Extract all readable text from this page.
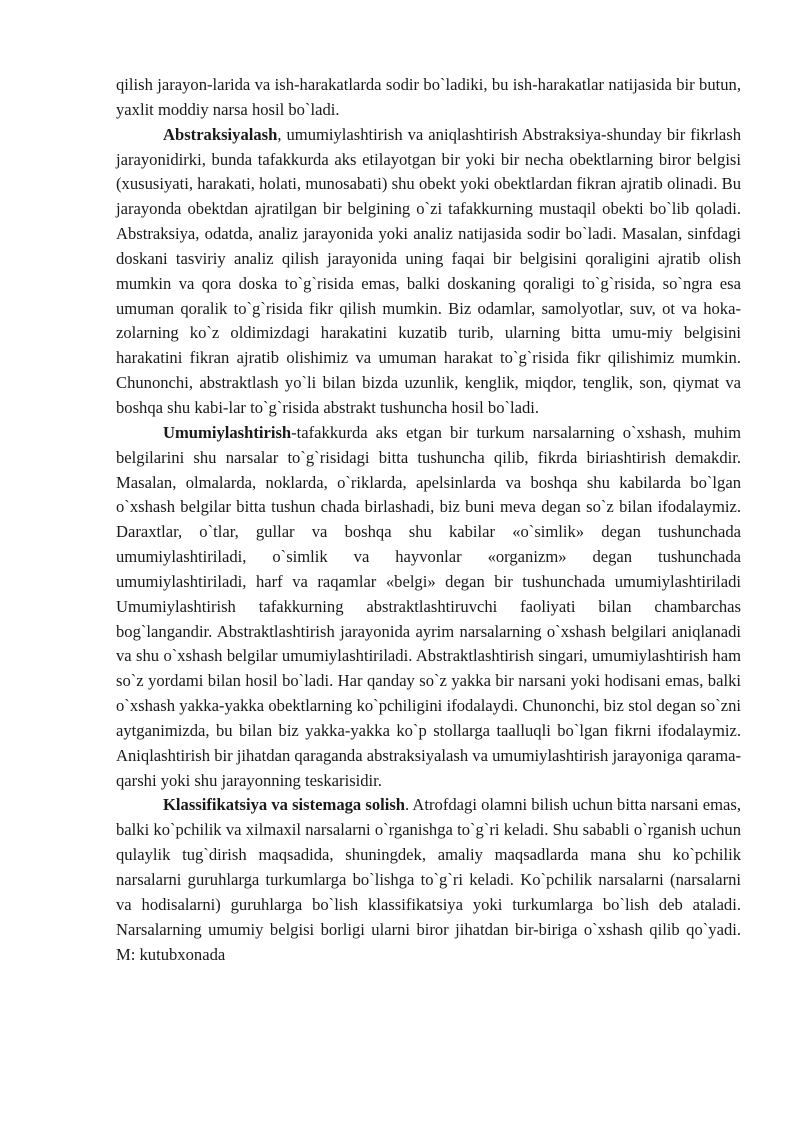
qilish jarayon-larida va ish-harakatlarda sodir bo`ladiki, bu ish-harakatlar natijasida bir butun, yaxlit moddiy narsa hosil bo`ladi.

Abstraksiyalash, umumiylashtirish va aniqlashtirish Abstraksiya-shunday bir fikrlash jarayonidirki, bunda tafakkurda aks etilayotgan bir yoki bir necha obektlarning biror belgisi (xususiyati, harakati, holati, munosabati) shu obekt yoki obektlardan fikran ajratib olinadi. Bu jarayonda obektdan ajratilgan bir belgining o`zi tafakkurning mustaqil obekti bo`lib qoladi. Abstraksiya, odatda, analiz jarayonida yoki analiz natijasida sodir bo`ladi. Masalan, sinfdagi doskani tasviriy analiz qilish jarayonida uning faqai bir belgisini qoraligini ajratib olish mumkin va qora doska to`g`risida emas, balki doskaning qoraligi to`g`risida, so`ngra esa umuman qoralik to`g`risida fikr qilish mumkin. Biz odamlar, samolyotlar, suv, ot va hoka-zolarning ko`z oldimizdagi harakatini kuzatib turib, ularning bitta umu-miy belgisini harakatini fikran ajratib olishimiz va umuman harakat to`g`risida fikr qilishimiz mumkin. Chunonchi, abstraktlash yo`li bilan bizda uzunlik, kenglik, miqdor, tenglik, son, qiymat va boshqa shu kabi-lar to`g`risida abstrakt tushuncha hosil bo`ladi.

Umumiylashtirish-tafakkurda aks etgan bir turkum narsalarning o`xshash, muhim belgilarini shu narsalar to`g`risidagi bitta tushuncha qilib, fikrda biriashtirish demakdir. Masalan, olmalarda, noklarda, o`riklarda, apelsinlarda va boshqa shu kabilarda bo`lgan o`xshash belgilar bitta tushun chada birlashadi, biz buni meva degan so`z bilan ifodalaymiz. Daraxtlar, o`tlar, gullar va boshqa shu kabilar «o`simlik» degan tushunchada umumiylashtiriladi, o`simlik va hayvonlar «organizm» degan tushunchada umumiylashtiriladi, harf va raqamlar «belgi» degan bir tushunchada umumiylashtiriladi Umumiylashtirish tafakkurning abstraktlashtiruvchi faoliyati bilan chambarchas bog`langandir. Abstraktlashtirish jarayonida ayrim narsalarning o`xshash belgilari aniqlanadi va shu o`xshash belgilar umumiylashtiriladi. Abstraktlashtirish singari, umumiylashtirish ham so`z yordami bilan hosil bo`ladi. Har qanday so`z yakka bir narsani yoki hodisani emas, balki o`xshash yakka-yakka obektlarning ko`pchiligini ifodalaydi. Chunonchi, biz stol degan so`zni aytganimizda, bu bilan biz yakka-yakka ko`p stollarga taalluqli bo`lgan fikrni ifodalaymiz. Aniqlashtirish bir jihatdan qaraganda abstraksiyalash va umumiylashtirish jarayoniga qarama-qarshi yoki shu jarayonning teskarisidir.

Klassifikatsiya va sistemaga solish. Atrofdagi olamni bilish uchun bitta narsani emas, balki ko`pchilik va xilmaxil narsalarni o`rganishga to`g`ri keladi. Shu sababli o`rganish uchun qulaylik tug`dirish maqsadida, shuningdek, amaliy maqsadlarda mana shu ko`pchilik narsalarni guruhlarga turkumlarga bo`lishga to`g`ri keladi. Ko`pchilik narsalarni (narsalarni va hodisalarni) guruhlarga bo`lish klassifikatsiya yoki turkumlarga bo`lish deb ataladi. Narsalarning umumiy belgisi borligi ularni biror jihatdan bir-biriga o`xshash qilib qo`yadi. M: kutubxonada
